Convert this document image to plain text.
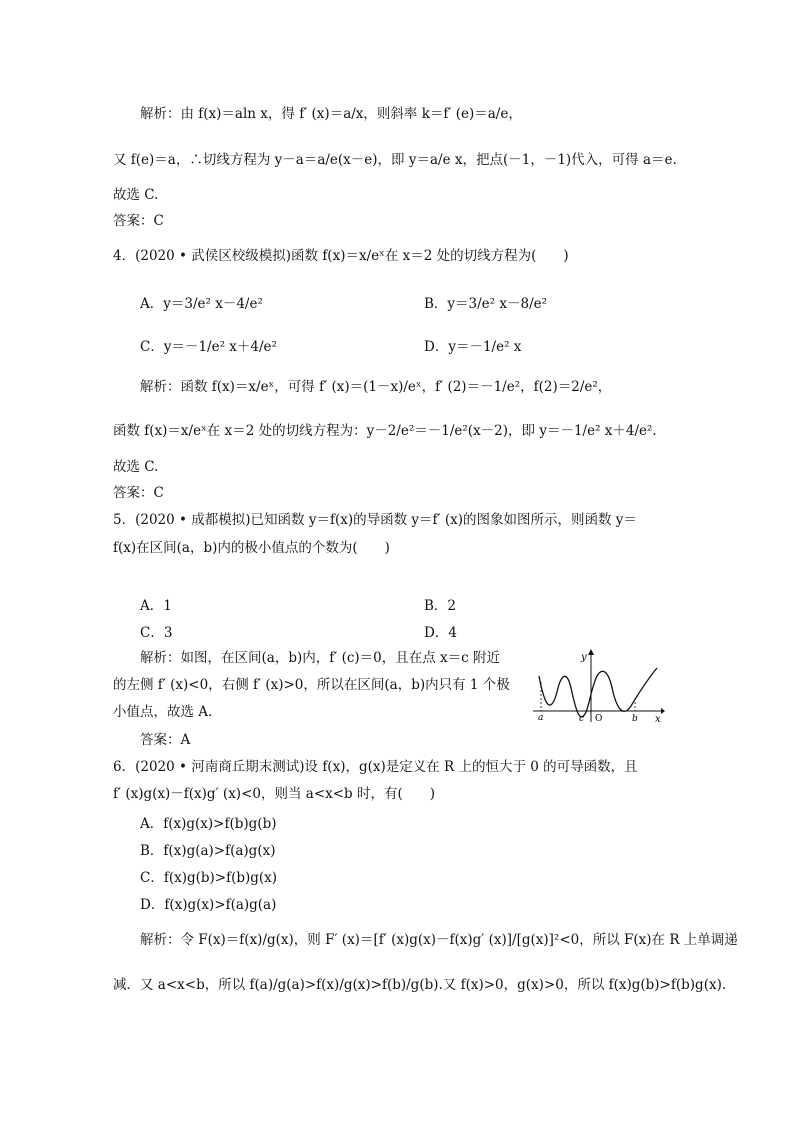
解析：由 f(x)＝aln x，得 f′ (x)＝a/x，则斜率 k＝f′ (e)＝a/e，
又 f(e)＝a，∴切线方程为 y－a＝a/e(x－e)，即 y＝a/e x，把点(－1，－1)代入，可得 a＝e.
故选 C.
答案：C
4．(2020 • 武侯区校级模拟)函数 f(x)＝x/eˣ在 x＝2 处的切线方程为(　　)
A．y＝3/e² x－4/e²	B．y＝3/e² x－8/e²
C．y＝－1/e² x＋4/e²	D．y＝－1/e² x
解析：函数 f(x)＝x/eˣ，可得 f′ (x)＝(1－x)/eˣ，f′ (2)＝－1/e²，f(2)＝2/e²，
函数 f(x)＝x/eˣ在 x＝2 处的切线方程为：y－2/e²＝－1/e²(x－2)，即 y＝－1/e² x＋4/e².
故选 C.
答案：C
5．(2020 • 成都模拟)已知函数 y＝f(x)的导函数 y＝f′ (x)的图象如图所示，则函数 y＝
f(x)在区间(a，b)内的极小值点的个数为(　　)
A．1	B．2
C．3	D．4
解析：如图，在区间(a，b)内，f′ (c)＝0，且在点 x＝c 附近
的左侧 f′ (x)<0，右侧 f′ (x)>0，所以在区间(a，b)内只有 1 个极
小值点，故选 A.
答案：A
y
x
a	c O	b
6．(2020 • 河南商丘期末测试)设 f(x)，g(x)是定义在 R 上的恒大于 0 的可导函数，且
f′ (x)g(x)－f(x)g′ (x)<0，则当 a<x<b 时，有(　　)
A．f(x)g(x)>f(b)g(b)
B．f(x)g(a)>f(a)g(x)
C．f(x)g(b)>f(b)g(x)
D．f(x)g(x)>f(a)g(a)
解析：令 F(x)＝f(x)/g(x)，则 F′ (x)＝[f′ (x)g(x)－f(x)g′ (x)]/[g(x)]²<0，所以 F(x)在 R 上单调递
减．又 a<x<b，所以 f(a)/g(a)>f(x)/g(x)>f(b)/g(b).又 f(x)>0，g(x)>0，所以 f(x)g(b)>f(b)g(x).
